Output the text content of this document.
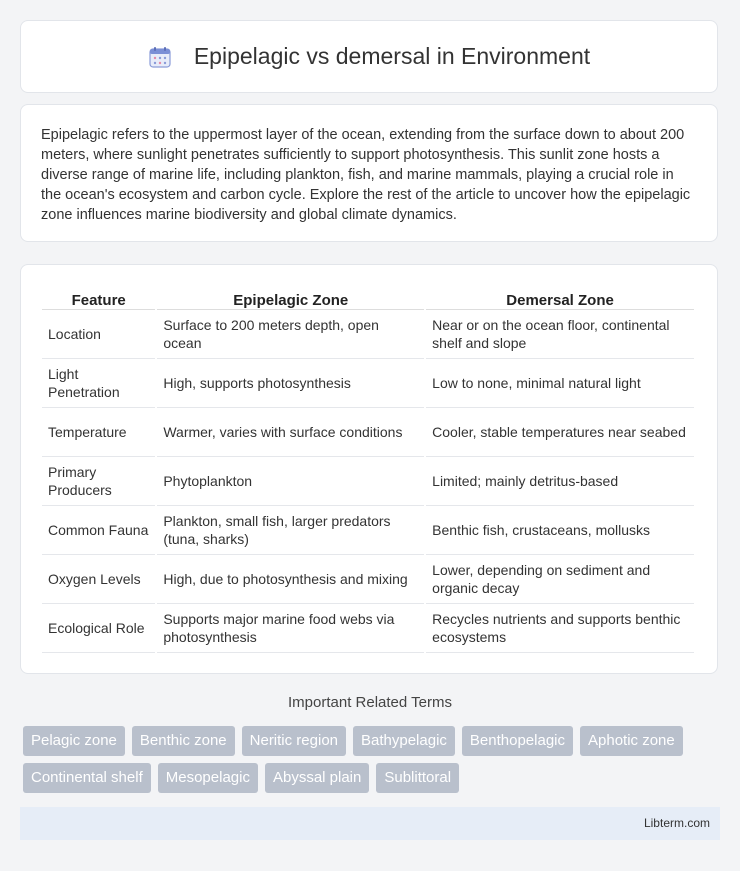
Epipelagic vs demersal in Environment

Epipelagic refers to the uppermost layer of the ocean, extending from the surface down to about 200 meters, where sunlight penetrates sufficiently to support photosynthesis. This sunlit zone hosts a diverse range of marine life, including plankton, fish, and marine mammals, playing a crucial role in the ocean's ecosystem and carbon cycle. Explore the rest of the article to uncover how the epipelagic zone influences marine biodiversity and global climate dynamics.

Feature	Epipelagic Zone	Demersal Zone
Location	Surface to 200 meters depth, open ocean	Near or on the ocean floor, continental shelf and slope
Light Penetration	High, supports photosynthesis	Low to none, minimal natural light
Temperature	Warmer, varies with surface conditions	Cooler, stable temperatures near seabed
Primary Producers	Phytoplankton	Limited; mainly detritus-based
Common Fauna	Plankton, small fish, larger predators (tuna, sharks)	Benthic fish, crustaceans, mollusks
Oxygen Levels	High, due to photosynthesis and mixing	Lower, depending on sediment and organic decay
Ecological Role	Supports major marine food webs via photosynthesis	Recycles nutrients and supports benthic ecosystems
Important Related Terms
Pelagic zone	Benthic zone	Neritic region	Bathypelagic	Benthopelagic	Aphotic zone
Continental shelf	Mesopelagic	Abyssal plain	Sublittoral
Libterm.com
